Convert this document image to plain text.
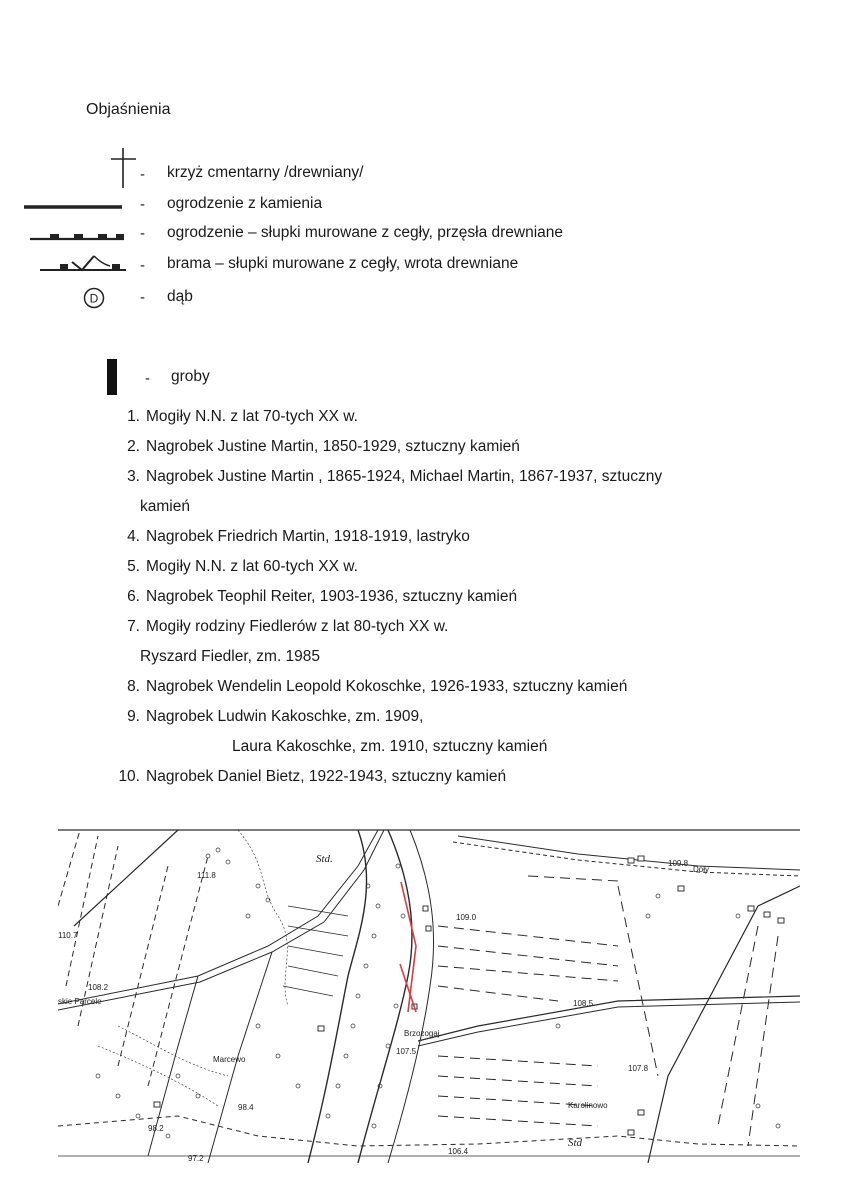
Objaśnienia
- krzyż cmentarny /drewniany/
- ogrodzenie z kamienia
- ogrodzenie – słupki murowane z cegły, przęsła drewniane
- brama – słupki murowane z cegły, wrota drewniane
D	- dąb
- groby
1. Mogiły N.N. z lat 70-tych XX w.
2. Nagrobek Justine Martin, 1850-1929, sztuczny kamień
3. Nagrobek Justine Martin , 1865-1924, Michael Martin, 1867-1937, sztuczny
kamień
4. Nagrobek Friedrich Martin, 1918-1919, lastryko
5. Mogiły N.N. z lat 60-tych XX w.
6. Nagrobek Teophil Reiter, 1903-1936, sztuczny kamień
7. Mogiły rodziny Fiedlerów z lat 80-tych XX w.
Ryszard Fiedler, zm. 1985
8. Nagrobek Wendelin Leopold Kokoschke, 1926-1933, sztuczny kamień
9. Nagrobek Ludwin Kakoschke, zm. 1909,
Laura Kakoschke, zm. 1910, sztuczny kamień
10. Nagrobek Daniel Bietz, 1922-1943, sztuczny kamień
Std.
Doły
109.8
111.8
110.7
108.2
skie Parcele
109.0
108.5
Brzozogaj
107.5
Marcewo
107.8
Karolinowo
98.4
98.2
97.2
106.4
Std
